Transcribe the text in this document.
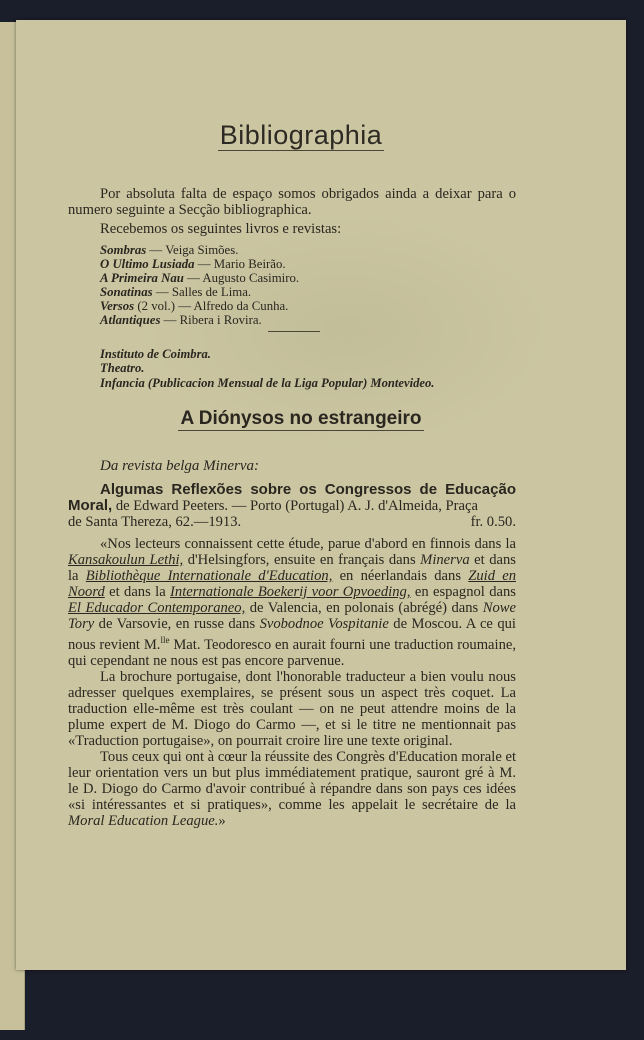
Bibliographia
Por absoluta falta de espaço somos obrigados ainda a deixar para o numero seguinte a Secção bibliographica.
Recebemos os seguintes livros e revistas:
Sombras — Veiga Simões.
O Ultimo Lusiada — Mario Beirão.
A Primeira Nau — Augusto Casimiro.
Sonatinas — Salles de Lima.
Versos (2 vol.) — Alfredo da Cunha.
Atlantiques — Ribera i Rovira.
Instituto de Coimbra.
Theatro.
Infancia (Publicacion Mensual de la Liga Popular) Montevideo.
A Diónysos no estrangeiro
Da revista belga Minerva:
Algumas Reflexões sobre os Congressos de Educação Moral, de Edward Peeters. — Porto (Portugal) A. J. d'Almeida, Praça
de Santa Thereza, 62.—1913.	fr. 0.50.
«Nos lecteurs connaissent cette étude, parue d'abord en finnois dans la Kansakoulun Lethi, d'Helsingfors, ensuite en français dans Minerva et dans la Bibliothèque Internationale d'Education, en néerlandais dans Zuid en Noord et dans la Internationale Boekerij voor Opvoeding, en espagnol dans El Educador Contemporaneo, de Valencia, en polonais (abrégé) dans Nowe Tory de Varsovie, en russe dans Svobodnoe Vospitanie de Moscou. A ce qui nous revient M.$^{lle}$ Mat. Teodoresco en aurait fourni une traduction roumaine, qui cependant ne nous est pas encore parvenue.
La brochure portugaise, dont l'honorable traducteur a bien voulu nous adresser quelques exemplaires, se présent sous un aspect très coquet. La traduction elle-même est très coulant — on ne peut attendre moins de la plume expert de M. Diogo do Carmo —, et si le titre ne mentionnait pas «Traduction portugaise», on pourrait croire lire une texte original.
Tous ceux qui ont à cœur la réussite des Congrès d'Education morale et leur orientation vers un but plus immédiatement pratique, sauront gré à M. le D. Diogo do Carmo d'avoir contribué à répandre dans son pays ces idées «si intéressantes et si pratiques», comme les appelait le secrétaire de la Moral Education League.»
